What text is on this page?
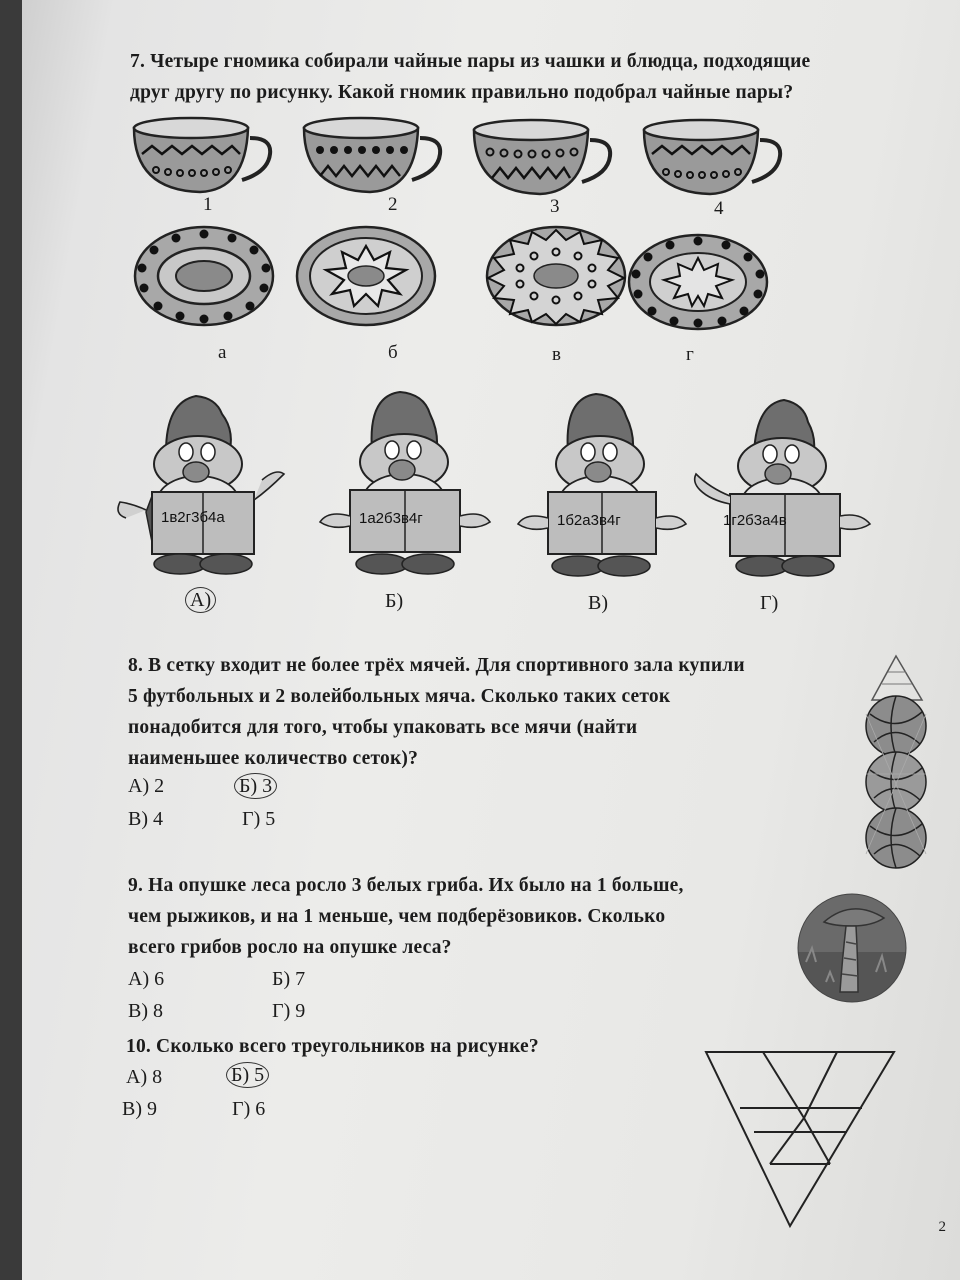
7. Четыре гномика собирали чайные пары из чашки и блюдца, подходящие
друг другу по рисунку. Какой гномик правильно подобрал чайные пары?
1	2	3	4
а	б	в	г
1в2г3б4а
А)
1а2б3в4г
Б)
1б2а3в4г
В)
1г2б3а4в
Г)
8. В сетку входит не более трёх мячей. Для спортивного зала купили
5 футбольных и 2 волейбольных мяча. Сколько таких сеток
понадобится для того, чтобы упаковать все мячи (найти
наименьшее количество сеток)?
А) 2	Б) 3
В) 4	Г) 5
9. На опушке леса росло 3 белых гриба. Их было на 1 больше,
чем рыжиков, и на 1 меньше, чем подберёзовиков. Сколько
всего грибов росло на опушке леса?
А) 6	Б) 7
В) 8	Г) 9
10. Сколько всего треугольников на рисунке?
А) 8	Б) 5
В) 9	Г) 6
2
